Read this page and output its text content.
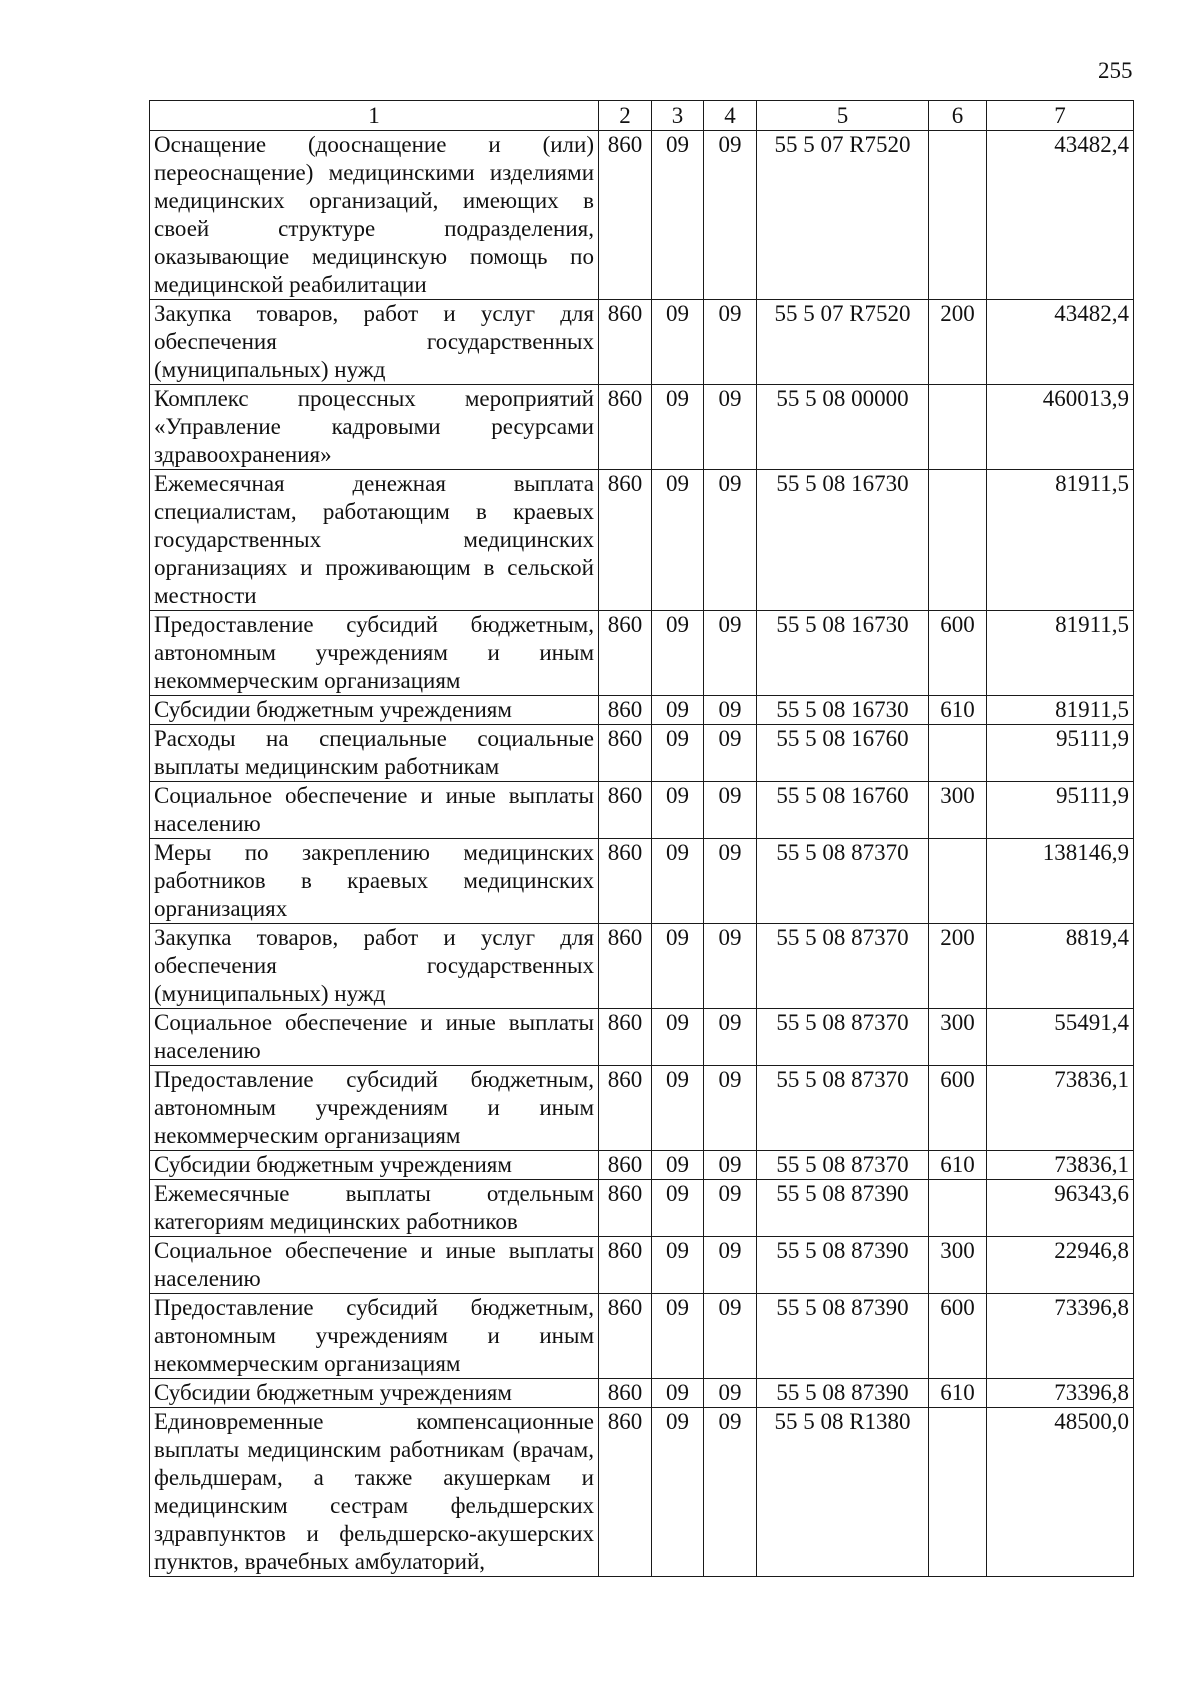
255
1	2	3	4	5	6	7
Оснащение (дооснащение и (или) переоснащение) медицинскими изделиями медицинских организаций, имеющих в своей структуре подразделения, оказывающие медицинскую помощь по медицинской реабилитации	860	09	09	55 5 07 R7520		43482,4
Закупка товаров, работ и услуг для обеспечения государственных (муниципальных) нужд	860	09	09	55 5 07 R7520	200	43482,4
Комплекс процессных мероприятий «Управление кадровыми ресурсами здравоохранения»	860	09	09	55 5 08 00000		460013,9
Ежемесячная денежная выплата специалистам, работающим в краевых государственных медицинских организациях и проживающим в сельской местности	860	09	09	55 5 08 16730		81911,5
Предоставление субсидий бюджетным, автономным учреждениям и иным некоммерческим организациям	860	09	09	55 5 08 16730	600	81911,5
Субсидии бюджетным учреждениям	860	09	09	55 5 08 16730	610	81911,5
Расходы на специальные социальные выплаты медицинским работникам	860	09	09	55 5 08 16760		95111,9
Социальное обеспечение и иные выплаты населению	860	09	09	55 5 08 16760	300	95111,9
Меры по закреплению медицинских работников в краевых медицинских организациях	860	09	09	55 5 08 87370		138146,9
Закупка товаров, работ и услуг для обеспечения государственных (муниципальных) нужд	860	09	09	55 5 08 87370	200	8819,4
Социальное обеспечение и иные выплаты населению	860	09	09	55 5 08 87370	300	55491,4
Предоставление субсидий бюджетным, автономным учреждениям и иным некоммерческим организациям	860	09	09	55 5 08 87370	600	73836,1
Субсидии бюджетным учреждениям	860	09	09	55 5 08 87370	610	73836,1
Ежемесячные выплаты отдельным категориям медицинских работников	860	09	09	55 5 08 87390		96343,6
Социальное обеспечение и иные выплаты населению	860	09	09	55 5 08 87390	300	22946,8
Предоставление субсидий бюджетным, автономным учреждениям и иным некоммерческим организациям	860	09	09	55 5 08 87390	600	73396,8
Субсидии бюджетным учреждениям	860	09	09	55 5 08 87390	610	73396,8
Единовременные компенсационные выплаты медицинским работникам (врачам, фельдшерам, а также акушеркам и медицинским сестрам фельдшерских здравпунктов и фельдшерско-акушерских пунктов, врачебных амбулаторий,	860	09	09	55 5 08 R1380		48500,0
